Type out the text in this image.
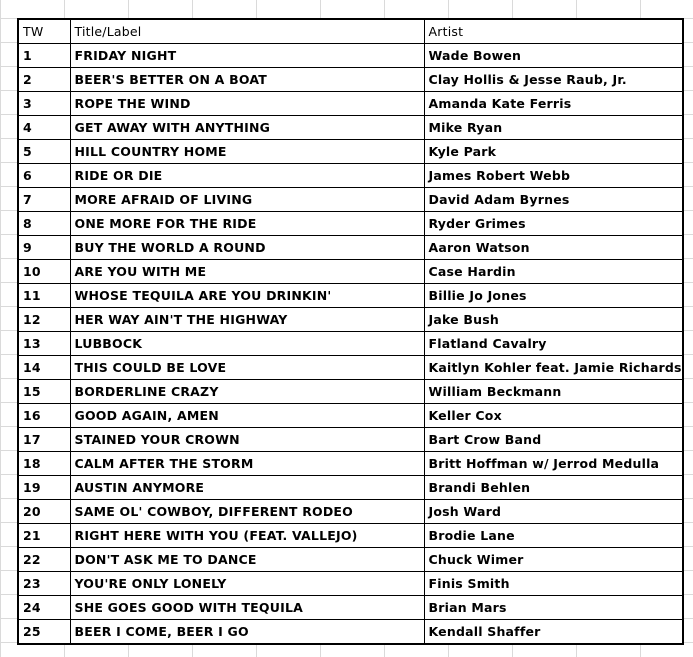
TW	Title/Label	Artist
1	FRIDAY NIGHT	Wade Bowen
2	BEER'S BETTER ON A BOAT	Clay Hollis & Jesse Raub, Jr.
3	ROPE THE WIND	Amanda Kate Ferris
4	GET AWAY WITH ANYTHING	Mike Ryan
5	HILL COUNTRY HOME	Kyle Park
6	RIDE OR DIE	James Robert Webb
7	MORE AFRAID OF LIVING	David Adam Byrnes
8	ONE MORE FOR THE RIDE	Ryder Grimes
9	BUY THE WORLD A ROUND	Aaron Watson
10	ARE YOU WITH ME	Case Hardin
11	WHOSE TEQUILA ARE YOU DRINKIN'	Billie Jo Jones
12	HER WAY AIN'T THE HIGHWAY	Jake Bush
13	LUBBOCK	Flatland Cavalry
14	THIS COULD BE LOVE	Kaitlyn Kohler feat. Jamie Richards
15	BORDERLINE CRAZY	William Beckmann
16	GOOD AGAIN, AMEN	Keller Cox
17	STAINED YOUR CROWN	Bart Crow Band
18	CALM AFTER THE STORM	Britt Hoffman w/ Jerrod Medulla
19	AUSTIN ANYMORE	Brandi Behlen
20	SAME OL' COWBOY, DIFFERENT RODEO	Josh Ward
21	RIGHT HERE WITH YOU (FEAT. VALLEJO)	Brodie Lane
22	DON'T ASK ME TO DANCE	Chuck Wimer
23	YOU'RE ONLY LONELY	Finis Smith
24	SHE GOES GOOD WITH TEQUILA	Brian Mars
25	BEER I COME, BEER I GO	Kendall Shaffer
